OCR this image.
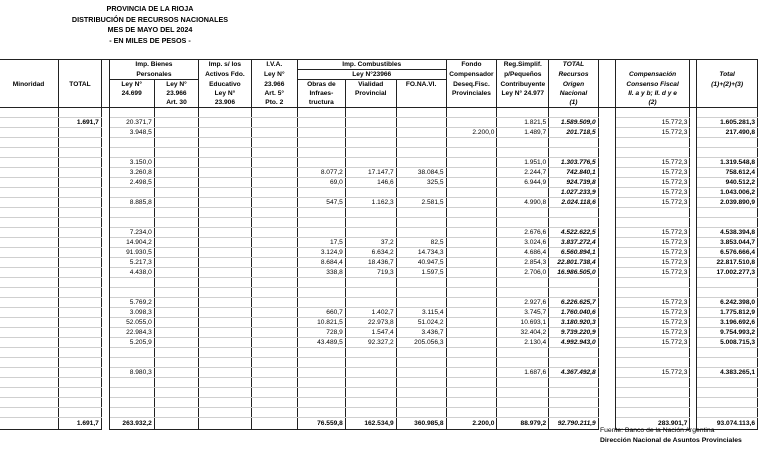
PROVINCIA DE LA RIOJA
DISTRIBUCIÓN DE RECURSOS NACIONALES
MES DE MAYO DEL 2024
- EN MILES DE PESOS -
			Imp. Bienes		Imp. s/ los	I.V.A.	Imp. Combustibles			Fondo	Reg.Simplif.	TOTAL				
			Personales		Activos Fdo.	Ley N°	Ley N°23966			Compensador	p/Pequeños	Recursos		Compensación		Total
Minoridad	TOTAL		Ley N°	Ley N°	Educativo	23.966	Obras de	Vialidad	FO.NA.VI.	Deseq.Fisc.	Contribuyente	Origen		Consenso Fiscal		(1)+(2)+(3)
			24.699	23.966	Ley N°	Art. 5°	Infraes-	Provincial		Provinciales	Ley N° 24.977	Nacional		II. a y b; II. d y e		
				Art. 30	23.906	Pto. 2	tructura					(1)		(2)		

	1.691,7		20.371,7								1.821,5	1.589.509,0		15.772,3		1.605.281,3
			3.948,5							2.200,0	1.489,7	201.718,5		15.772,3		217.490,8

			3.150,0								1.951,0	1.303.776,5		15.772,3		1.319.548,8
			3.260,8				8.077,2	17.147,7	38.084,5		2.244,7	742.840,1		15.772,3		758.612,4
			2.498,5				69,0	146,6	325,5		6.944,9	924.739,8		15.772,3		940.512,2
												1.027.233,9		15.772,3		1.043.006,2
			8.885,8				547,5	1.162,3	2.581,5		4.990,8	2.024.118,6		15.772,3		2.039.890,9

			7.234,0								2.676,6	4.522.622,5		15.772,3		4.538.394,8
			14.904,2				17,5	37,2	82,5		3.024,6	3.837.272,4		15.772,3		3.853.044,7
			91.930,5				3.124,9	6.634,2	14.734,3		4.686,4	6.560.894,1		15.772,3		6.576.666,4
			5.217,3				8.684,4	18.436,7	40.947,5		2.854,3	22.801.738,4		15.772,3		22.817.510,8
			4.438,0				338,8	719,3	1.597,5		2.706,0	16.986.505,0		15.772,3		17.002.277,3

			5.769,2								2.927,6	6.226.625,7		15.772,3		6.242.398,0
			3.098,3				660,7	1.402,7	3.115,4		3.745,7	1.760.040,6		15.772,3		1.775.812,9
			52.055,0				10.821,5	22.973,8	51.024,2		10.693,1	3.180.920,3		15.772,3		3.196.692,6
			22.984,3				728,9	1.547,4	3.436,7		32.404,2	9.739.220,9		15.772,3		9.754.993,2
			5.205,9				43.489,5	92.327,2	205.056,3		2.130,4	4.992.943,0		15.772,3		5.008.715,3

			8.980,3								1.687,6	4.367.492,8		15.772,3		4.383.265,1

	1.691,7		263.932,2				76.559,8	162.534,9	360.985,8	2.200,0	88.979,2	92.790.211,9		283.901,7		93.074.113,6
Fuente: Banco de la Nación Argentina
Dirección Nacional de Asuntos Provinciales
